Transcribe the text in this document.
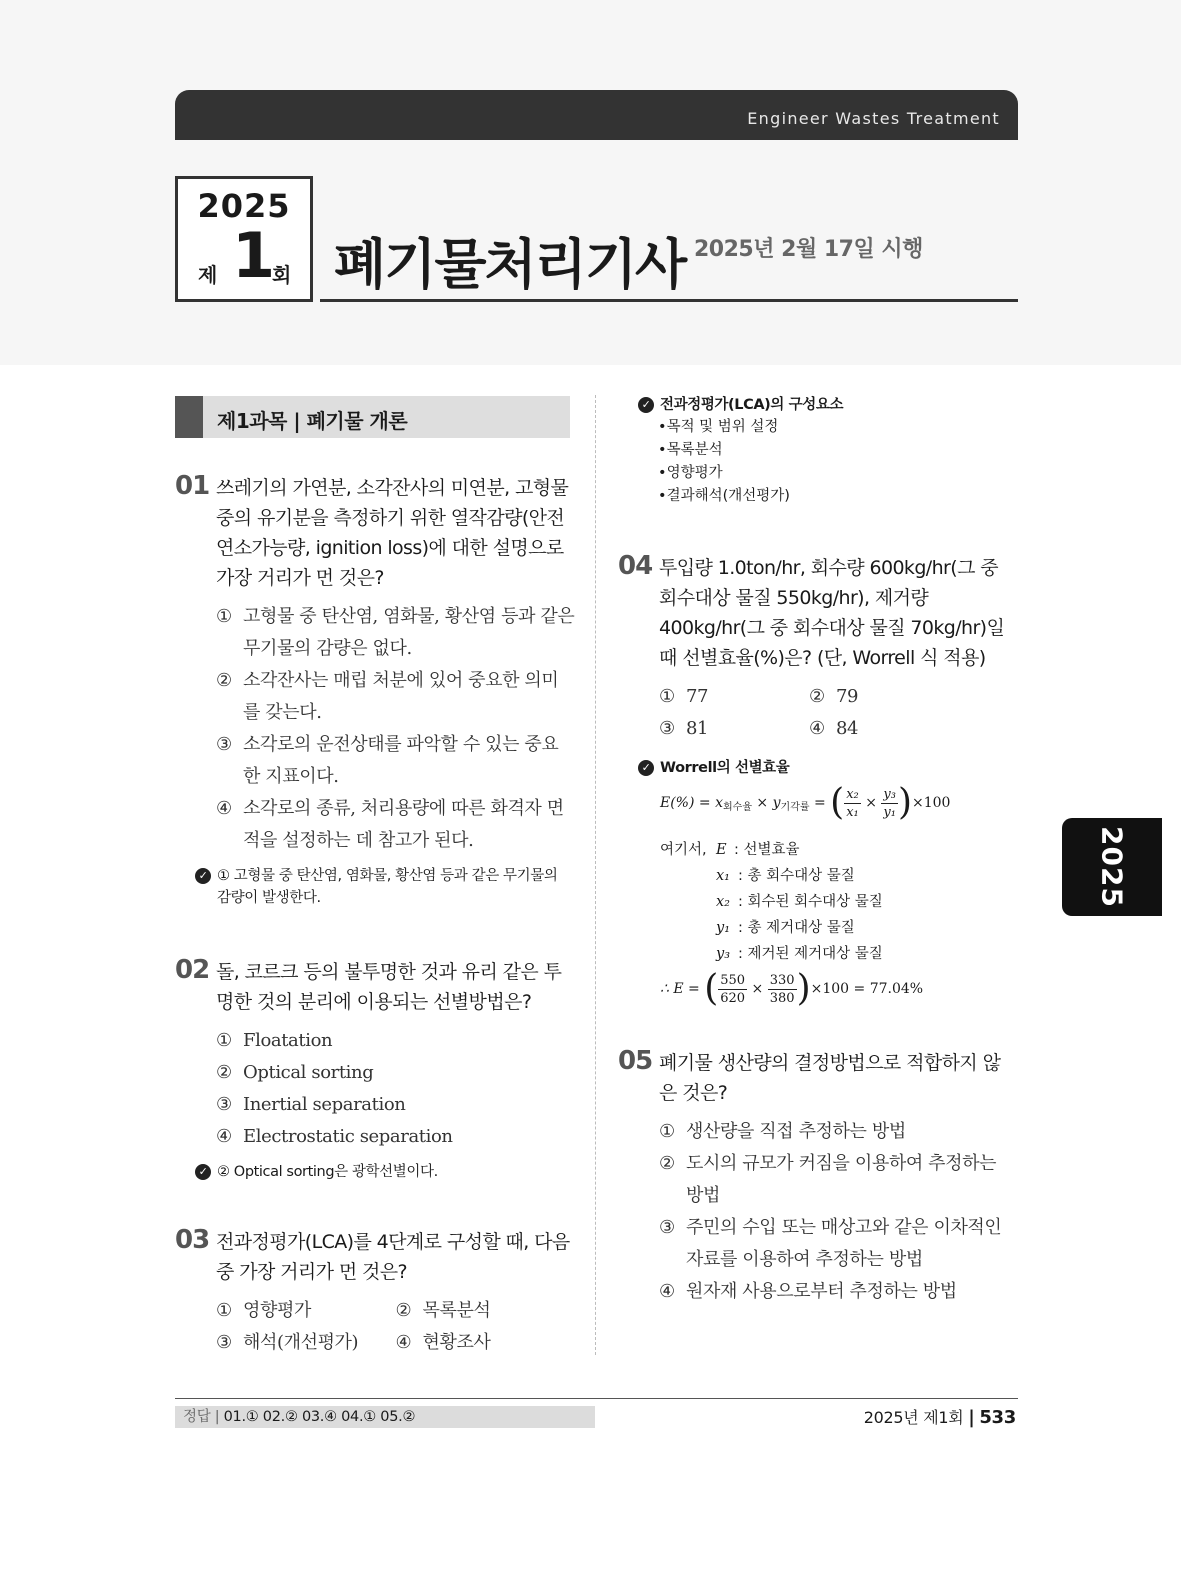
Engineer Wastes Treatment
2025
제 1
회 폐기물처리기사 2025년 2월 17일 시행
2025
제1과목 | 폐기물 개론
01 쓰레기의 가연분, 소각잔사의 미연분, 고형물 중의 유기분을 측정하기 위한 열작감량(안전연소가능량, ignition loss)에 대한 설명으로 가장 거리가 먼 것은?
① 고형물 중 탄산염, 염화물, 황산염 등과 같은 무기물의 감량은 없다.
② 소각잔사는 매립 처분에 있어 중요한 의미를 갖는다.
③ 소각로의 운전상태를 파악할 수 있는 중요한 지표이다.
④ 소각로의 종류, 처리용량에 따른 화격자 면적을 설정하는 데 참고가 된다.
✓ ① 고형물 중 탄산염, 염화물, 황산염 등과 같은 무기물의 감량이 발생한다.
02 돌, 코르크 등의 불투명한 것과 유리 같은 투명한 것의 분리에 이용되는 선별방법은?
① Floatation
② Optical sorting
③ Inertial separation
④ Electrostatic separation
✓ ② Optical sorting은 광학선별이다.
03 전과정평가(LCA)를 4단계로 구성할 때, 다음 중 가장 거리가 먼 것은?
① 영향평가	② 목록분석
③ 해석(개선평가)	④ 현황조사
✓ 전과정평가(LCA)의 구성요소
• 목적 및 범위 설정
• 목록분석
• 영향평가
• 결과해석(개선평가)
04 투입량 1.0ton/hr, 회수량 600kg/hr(그 중 회수대상 물질 550kg/hr), 제거량 400kg/hr(그 중 회수대상 물질 70kg/hr)일 때 선별효율(%)은? (단, Worrell 식 적용)
① 77	② 79
③ 81	④ 84
✓ Worrell의 선별효율
$E(\%) = x_{회수율} \times y_{기각률}$ = ( $\frac{\text{x₂}}{\text{x₁}} \times \frac{\text{y₃}}{\text{y₁}} )\times 100$
여기서, E : 선별효율
x₁ : 총 회수대상 물질
x₂ : 회수된 회수대상 물질
y₁ : 총 제거대상 물질
y₃ : 제거된 제거대상 물질
∴ E = ( $\frac{550}{620} \times \frac{330}{380} )\times 100 = 77.04\%$
05 폐기물 생산량의 결정방법으로 적합하지 않은 것은?
① 생산량을 직접 추정하는 방법
② 도시의 규모가 커짐을 이용하여 추정하는 방법
③ 주민의 수입 또는 매상고와 같은 이차적인 자료를 이용하여 추정하는 방법
④ 원자재 사용으로부터 추정하는 방법
정답 | 01.① 02.② 03.④ 04.① 05.②	2025년 제1회 | 533
